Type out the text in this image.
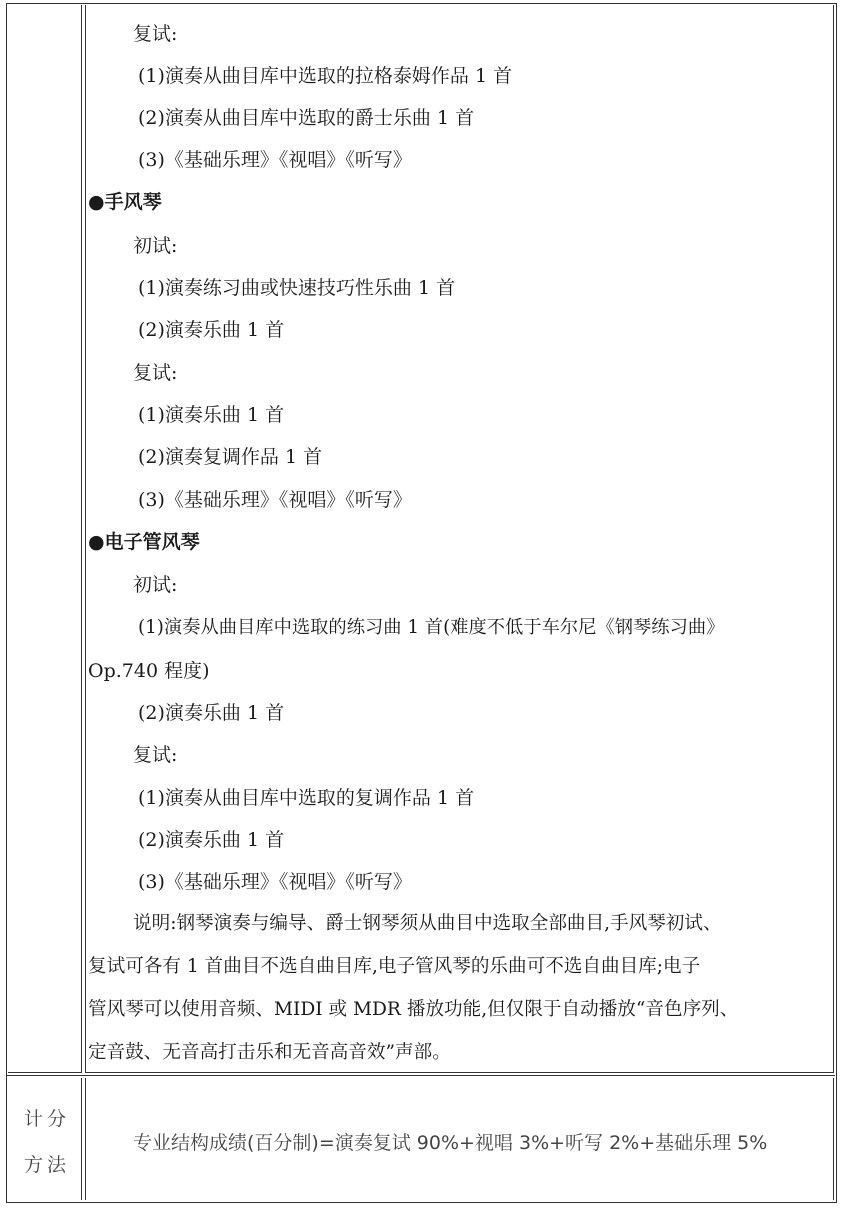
复试:
(1)演奏从曲目库中选取的拉格泰姆作品 1 首
(2)演奏从曲目库中选取的爵士乐曲 1 首
(3)《基础乐理》《视唱》《听写》
●手风琴
初试:
(1)演奏练习曲或快速技巧性乐曲 1 首
(2)演奏乐曲 1 首
复试:
(1)演奏乐曲 1 首
(2)演奏复调作品 1 首
(3)《基础乐理》《视唱》《听写》
●电子管风琴
初试:
(1)演奏从曲目库中选取的练习曲 1 首(难度不低于车尔尼《钢琴练习曲》
Op.740 程度)
(2)演奏乐曲 1 首
复试:
(1)演奏从曲目库中选取的复调作品 1 首
(2)演奏乐曲 1 首
(3)《基础乐理》《视唱》《听写》
说明:钢琴演奏与编导、爵士钢琴须从曲目中选取全部曲目,手风琴初试、
复试可各有 1 首曲目不选自曲目库,电子管风琴的乐曲可不选自曲目库;电子
管风琴可以使用音频、MIDI 或 MDR 播放功能,但仅限于自动播放“音色序列、
定音鼓、无音高打击乐和无音高音效”声部。
计分
方法
专业结构成绩(百分制)=演奏复试 90%+视唱 3%+听写 2%+基础乐理 5%
